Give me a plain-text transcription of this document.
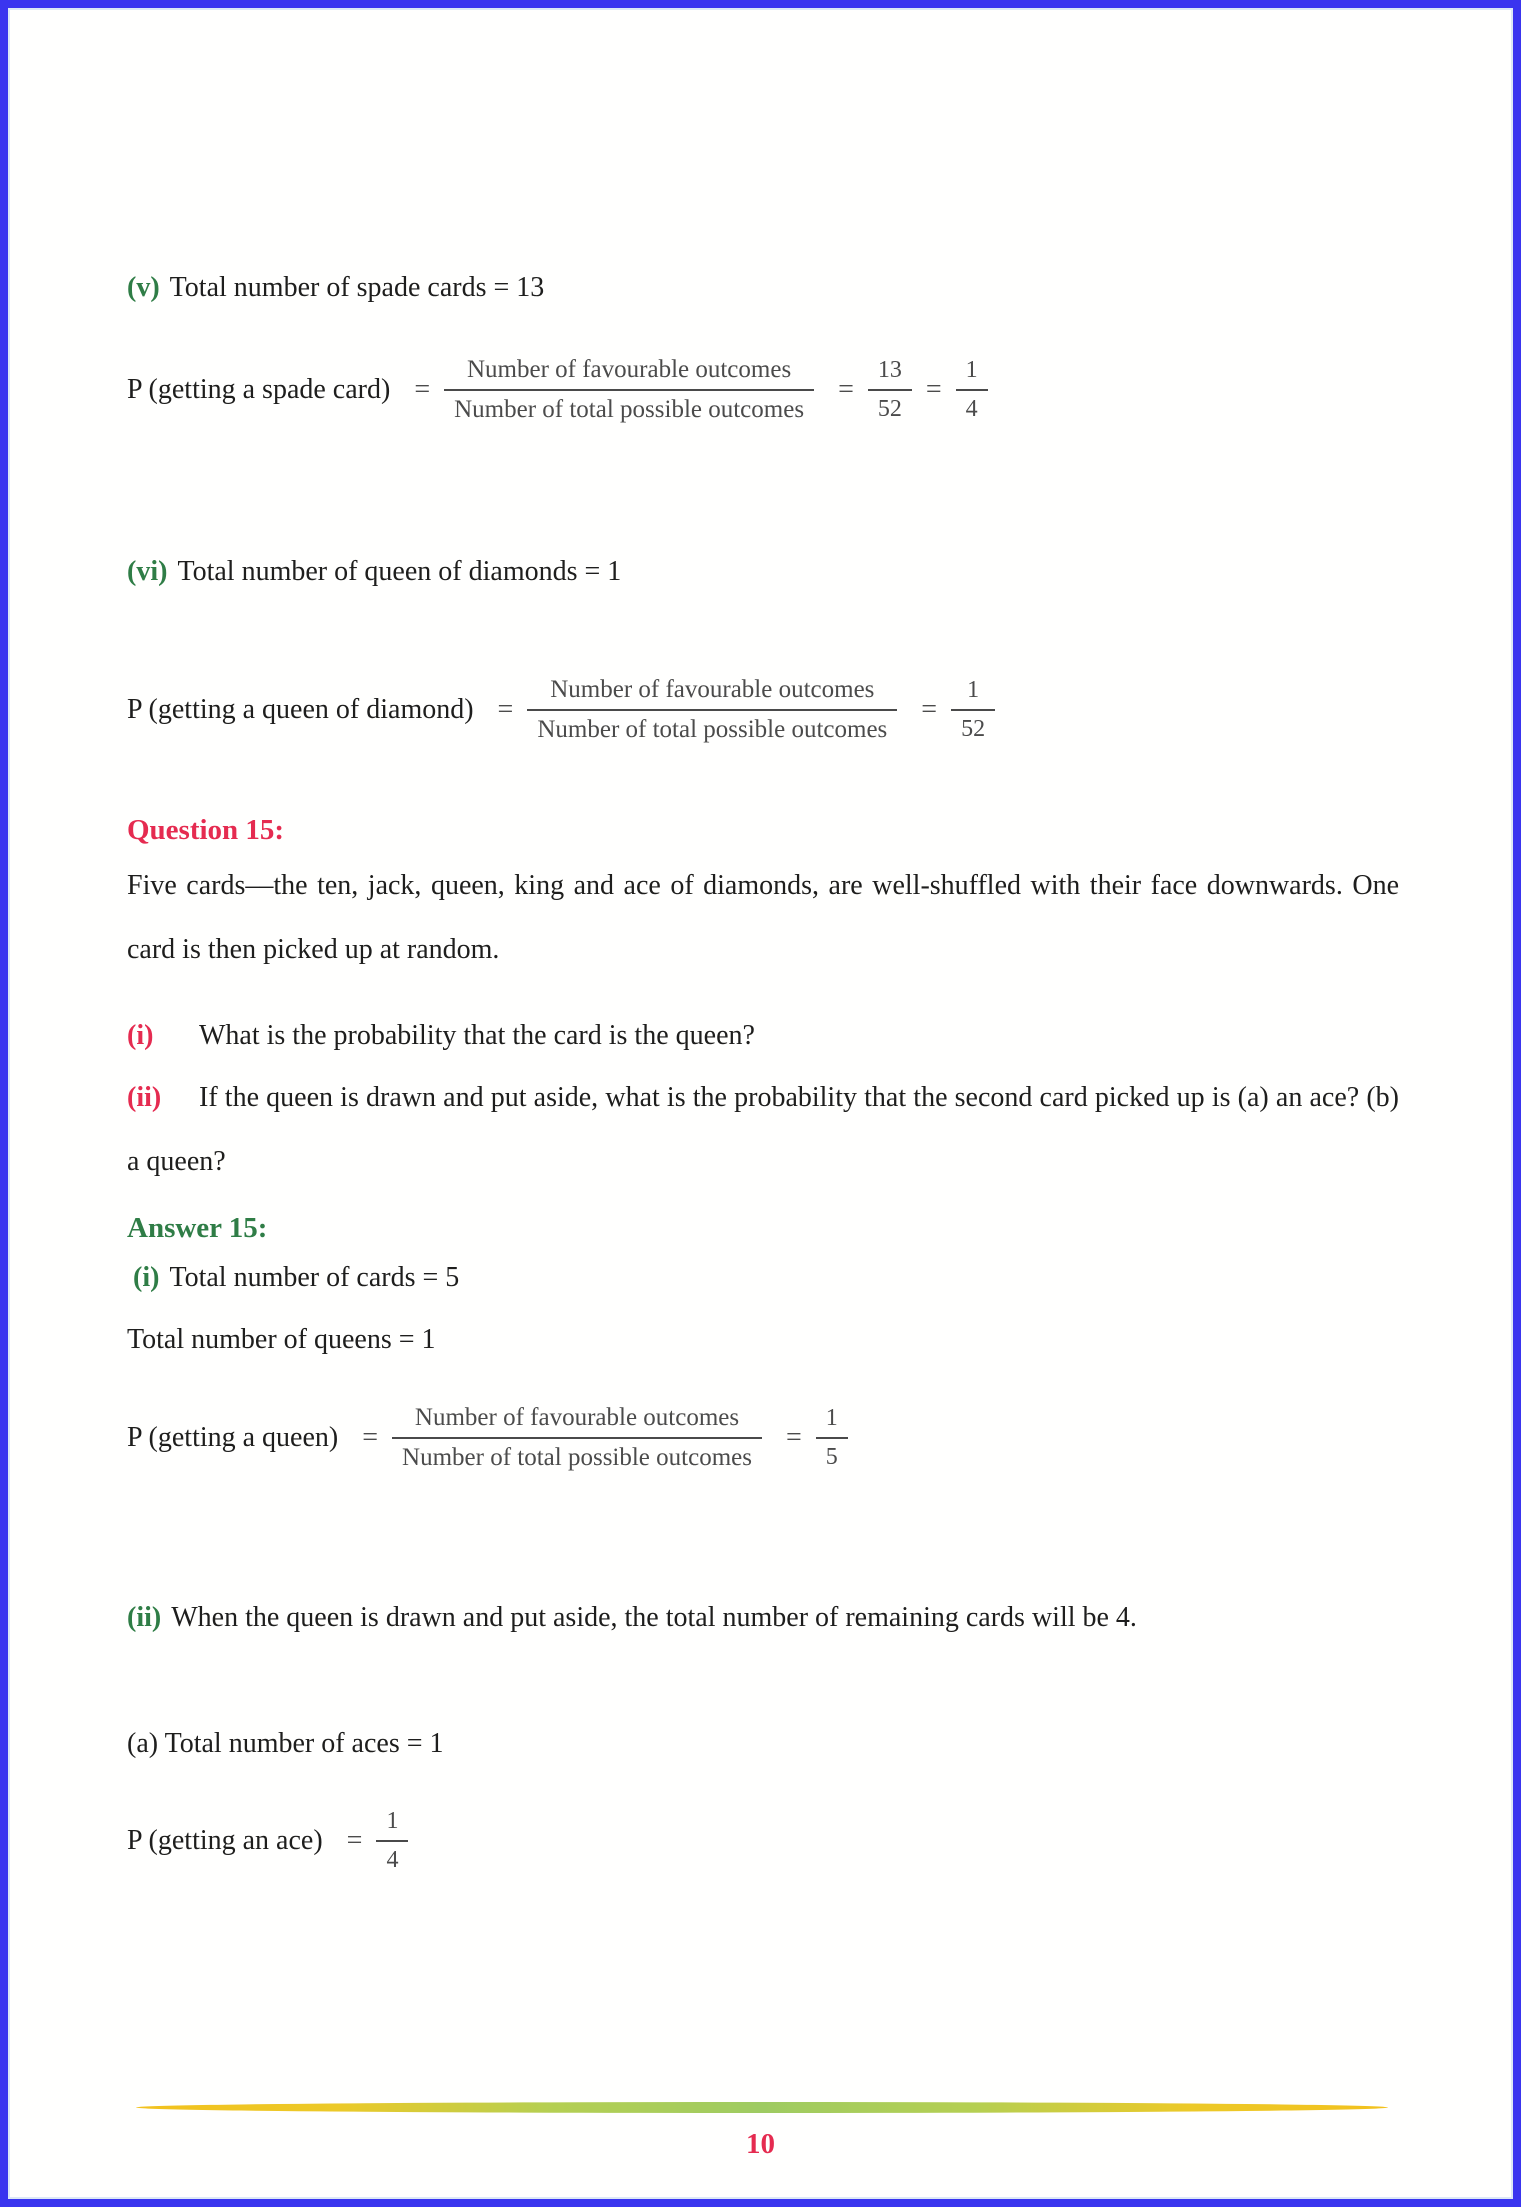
(v) Total number of spade cards = 13

P (getting a spade card) = $\frac{\text{Number of favourable outcomes}}{\text{Number of total possible outcomes}} = \frac{13}{52} = \frac{1}{4}$

(vi) Total number of queen of diamonds = 1

P (getting a queen of diamond) = $\frac{\text{Number of favourable outcomes}}{\text{Number of total possible outcomes}} = \frac{1}{52}$
Question 15:

Five cards––the ten, jack, queen, king and ace of diamonds, are well-shuffled with their face downwards. One card is then picked up at random.

(i) What is the probability that the card is the queen?

(ii) If the queen is drawn and put aside, what is the probability that the second card picked up is (a) an ace? (b) a queen?

Answer 15:

(i) Total number of cards = 5

Total number of queens = 1

P (getting a queen) = $\frac{\text{Number of favourable outcomes}}{\text{Number of total possible outcomes}} = \frac{1}{5}$

(ii) When the queen is drawn and put aside, the total number of remaining cards will be 4.

(a) Total number of aces = 1

P (getting an $ace) = \frac{1}{4}$
10
